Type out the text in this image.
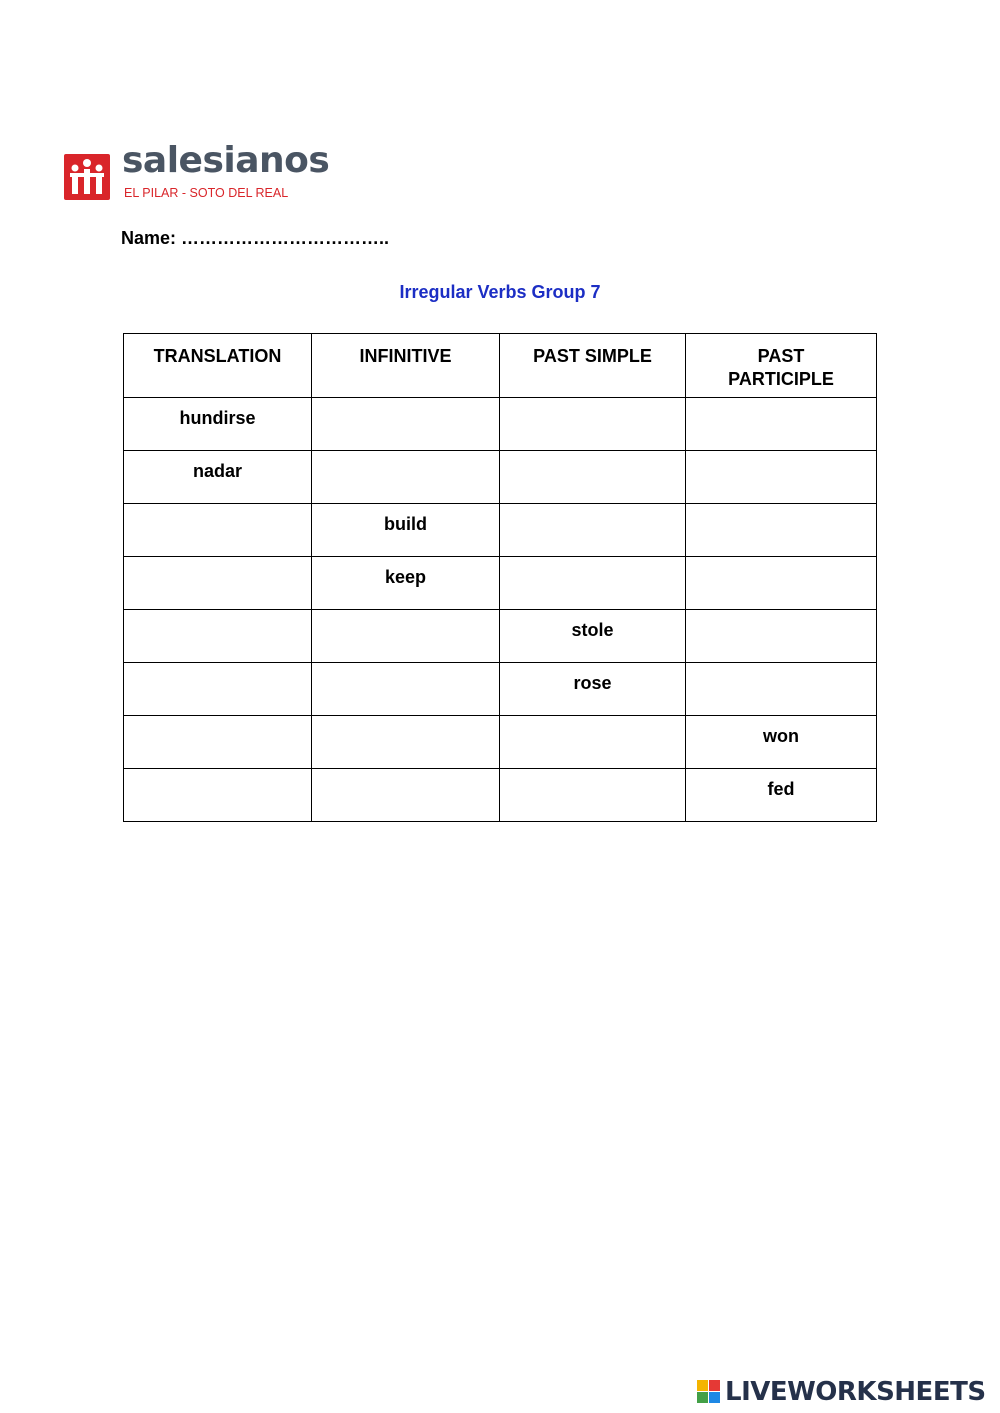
salesianos
EL PILAR - SOTO DEL REAL
Name: ……………………………..
Irregular Verbs Group 7
TRANSLATION	INFINITIVE	PAST SIMPLE	PAST PARTICIPLE
hundirse			
nadar			
	build		
	keep		
		stole	
		rose	
			won
			fed
LIVEWORKSHEETS
